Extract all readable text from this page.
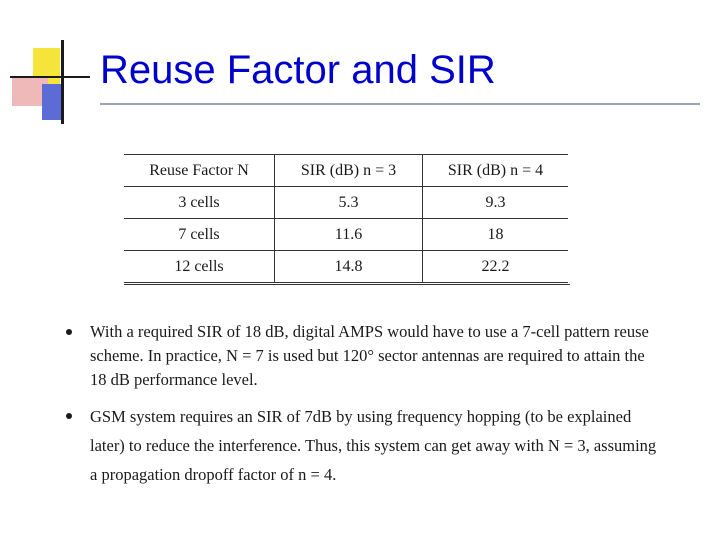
Reuse Factor and SIR
Reuse Factor N	SIR (dB) n = 3	SIR (dB) n = 4
3 cells	5.3	9.3
7 cells	11.6	18
12 cells	14.8	22.2
With a required SIR of 18 dB, digital AMPS would have to use a 7-cell pattern reuse scheme. In practice, N = 7 is used but 120° sector antennas are required to attain the 18 dB performance level.
GSM system requires an SIR of 7dB by using frequency hopping (to be explained later) to reduce the interference. Thus, this system can get away with N = 3, assuming a propagation dropoff factor of n = 4.
